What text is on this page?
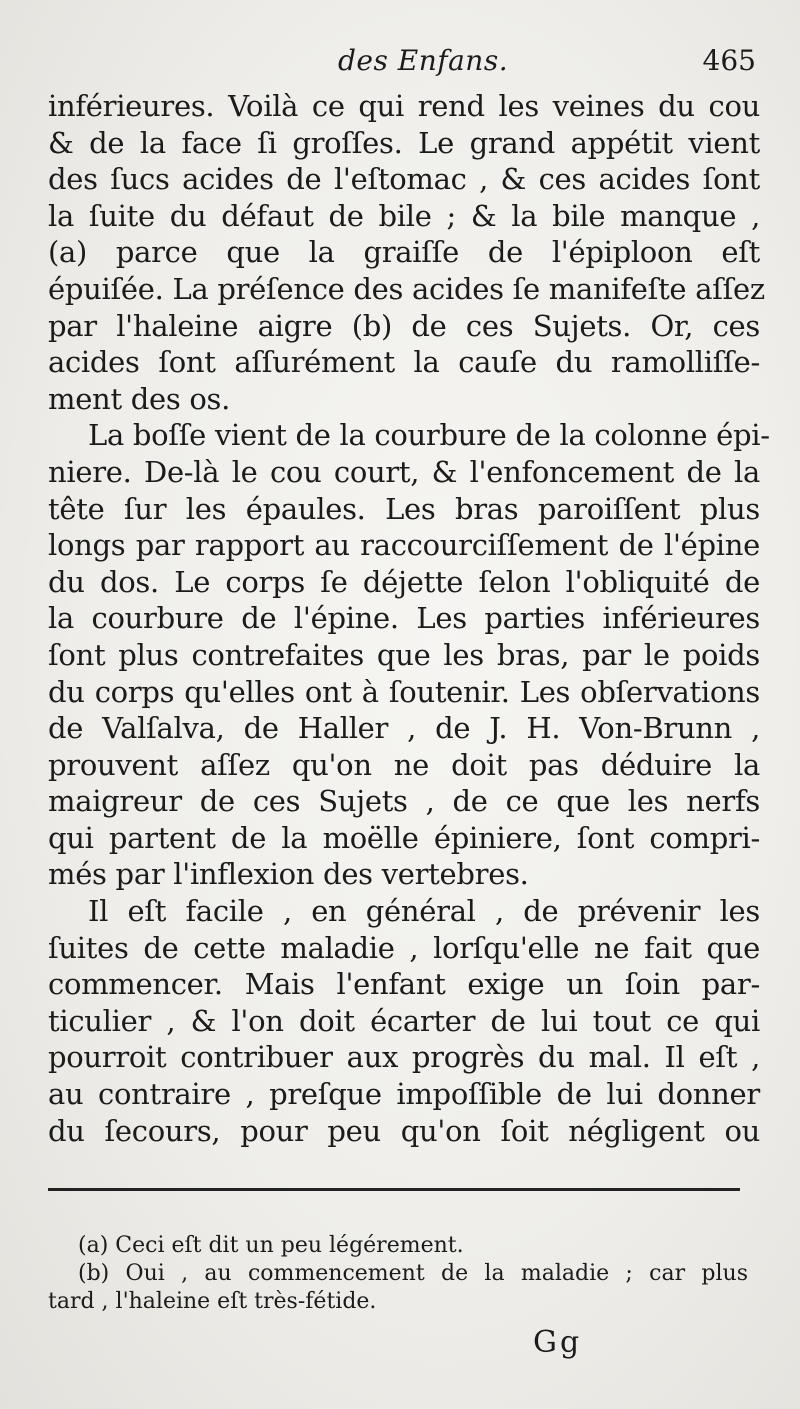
des Enfans.	465
inférieures. Voilà ce qui rend les veines du cou
& de la face ſi groſſes. Le grand appétit vient
des ſucs acides de l'eſtomac , & ces acides ſont
la ſuite du défaut de bile ; & la bile manque ,
(a) parce que la graiſſe de l'épiploon eſt
épuiſée. La préſence des acides ſe manifeſte aſſez
par l'haleine aigre (b) de ces Sujets. Or, ces
acides ſont aſſurément la cauſe du ramolliſſe-
ment des os.
La boſſe vient de la courbure de la colonne épi-
niere. De-là le cou court, & l'enfoncement de la
tête ſur les épaules. Les bras paroiſſent plus
longs par rapport au raccourciſſement de l'épine
du dos. Le corps ſe déjette ſelon l'obliquité de
la courbure de l'épine. Les parties inférieures
ſont plus contrefaites que les bras, par le poids
du corps qu'elles ont à ſoutenir. Les obſervations
de Valſalva, de Haller , de J. H. Von-Brunn ,
prouvent aſſez qu'on ne doit pas déduire la
maigreur de ces Sujets , de ce que les nerfs
qui partent de la moëlle épiniere, ſont compri-
més par l'inflexion des vertebres.
Il eſt facile , en général , de prévenir les
ſuites de cette maladie , lorſqu'elle ne fait que
commencer. Mais l'enfant exige un ſoin par-
ticulier , & l'on doit écarter de lui tout ce qui
pourroit contribuer aux progrès du mal. Il eſt ,
au contraire , preſque impoſſible de lui donner
du ſecours, pour peu qu'on ſoit négligent ou
(a) Ceci eſt dit un peu légérement.
(b) Oui , au commencement de la maladie ; car plus
tard , l'haleine eſt très-fétide.
Gg
